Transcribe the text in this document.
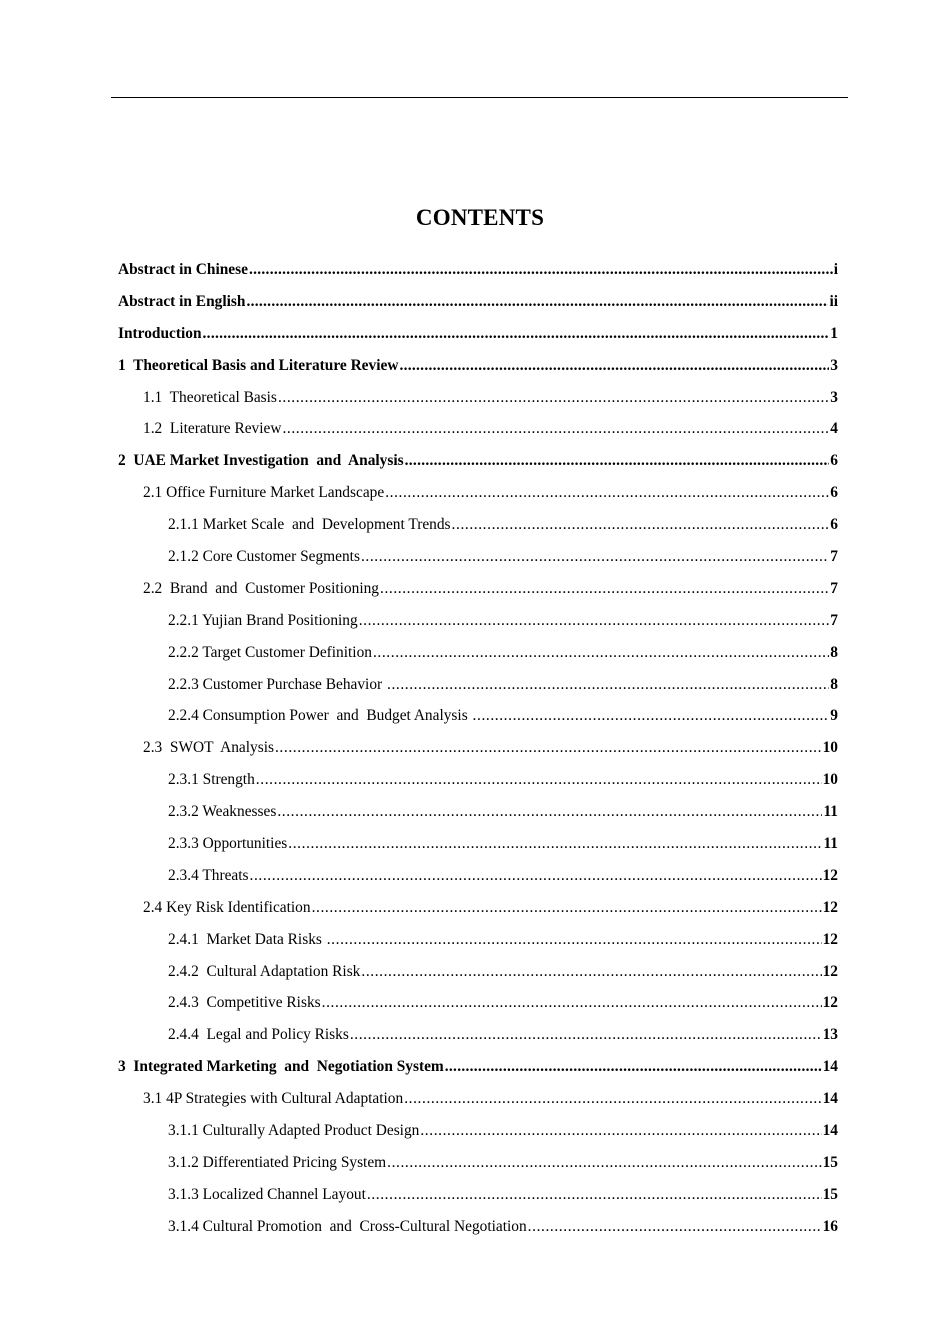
CONTENTS
Abstract in Chinese .....	i
Abstract in English .....	ii
Introduction .....	1
1  Theoretical Basis and Literature Review .....	3
1.1  Theoretical Basis .....	3
1.2  Literature Review .....	4
2  UAE Market Investigation  and  Analysis .....	6
2.1 Office Furniture Market Landscape .....	6
2.1.1 Market Scale  and  Development Trends .....	6
2.1.2 Core Customer Segments .....	7
2.2  Brand  and  Customer Positioning .....	7
2.2.1 Yujian Brand Positioning .....	7
2.2.2 Target Customer Definition .....	8
2.2.3 Customer Purchase Behavior .....	8
2.2.4 Consumption Power  and  Budget Analysis .....	9
2.3  SWOT  Analysis .....	10
2.3.1 Strength .....	10
2.3.2 Weaknesses .....	11
2.3.3 Opportunities .....	11
2.3.4 Threats .....	12
2.4 Key Risk Identification .....	12
2.4.1  Market Data Risks .....	12
2.4.2  Cultural Adaptation Risk .....	12
2.4.3  Competitive Risks .....	12
2.4.4  Legal and Policy Risks .....	13
3  Integrated Marketing  and  Negotiation System .....	14
3.1 4P Strategies with Cultural Adaptation .....	14
3.1.1 Culturally Adapted Product Design .....	14
3.1.2 Differentiated Pricing System .....	15
3.1.3 Localized Channel Layout .....	15
3.1.4 Cultural Promotion  and  Cross-Cultural Negotiation .....	16
